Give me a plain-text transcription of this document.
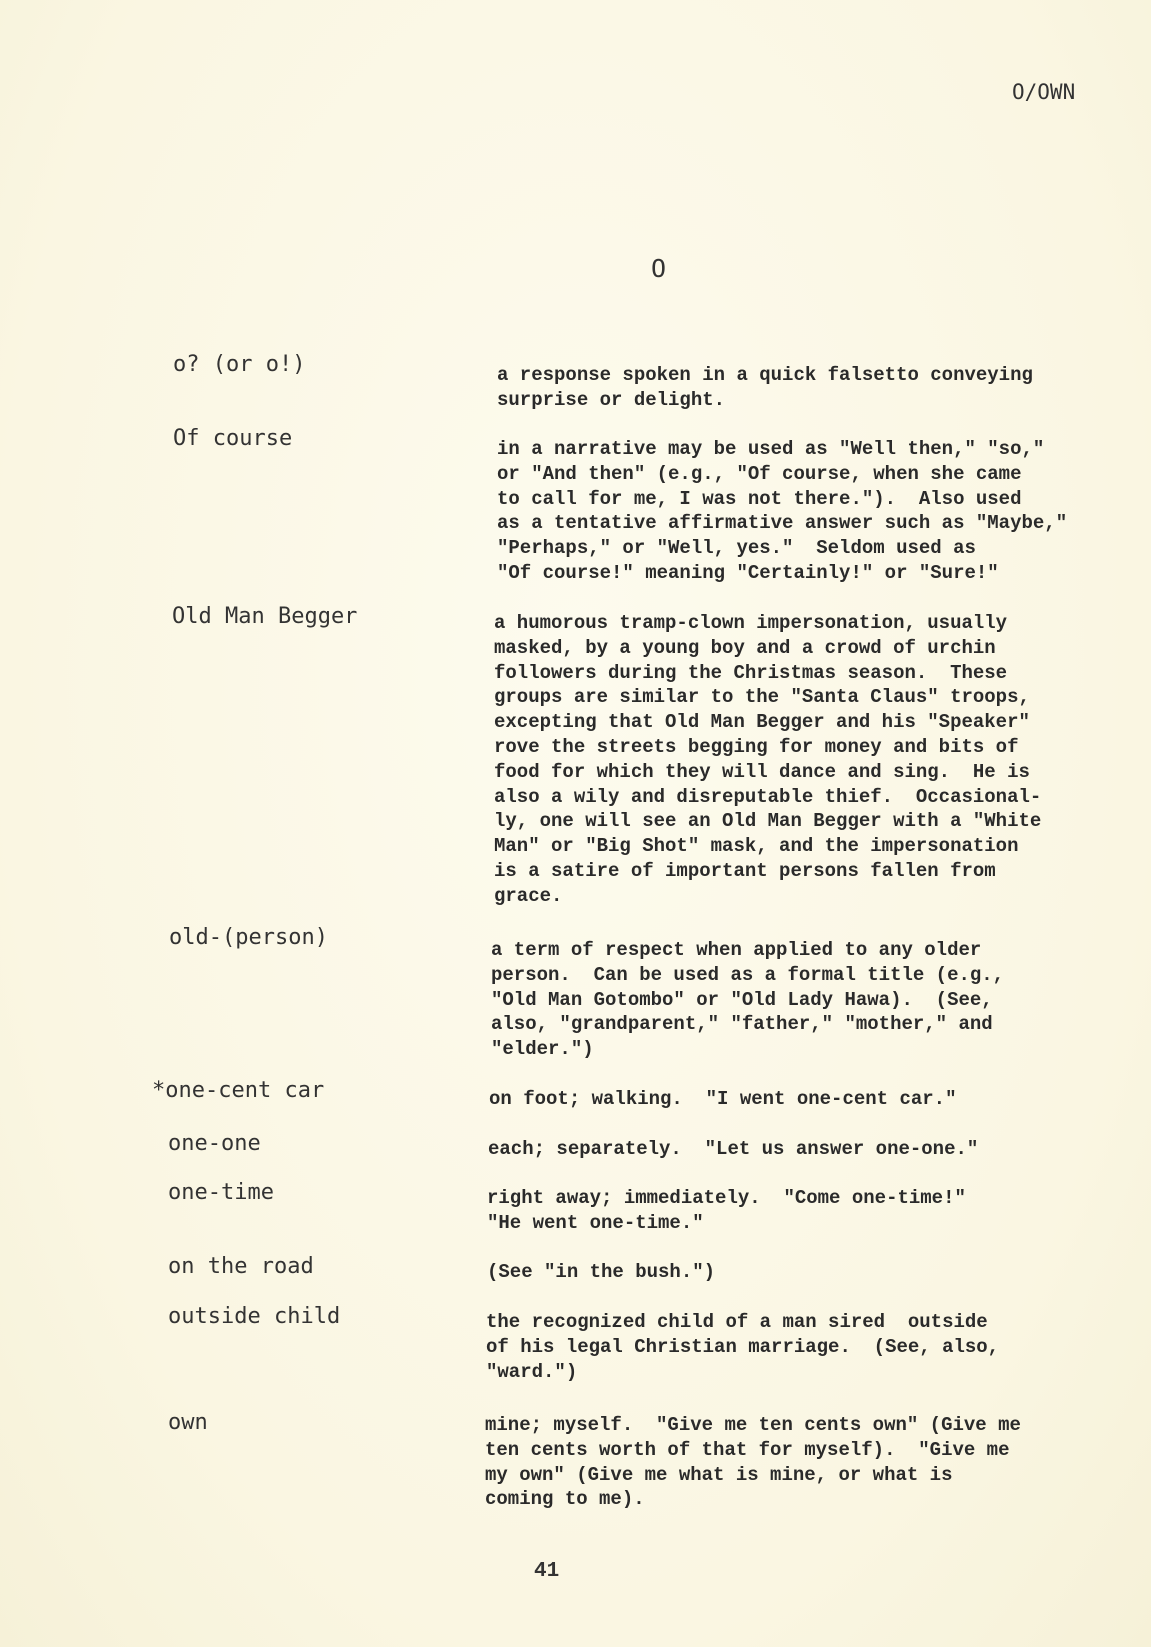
O/OWN
O
o? (or o!)	a response spoken in a quick falsetto conveying
surprise or delight.
Of course	in a narrative may be used as "Well then," "so,"
or "And then" (e.g., "Of course, when she came
to call for me, I was not there.").  Also used
as a tentative affirmative answer such as "Maybe,"
"Perhaps," or "Well, yes."  Seldom used as
"Of course!" meaning "Certainly!" or "Sure!"
Old Man Begger	a humorous tramp-clown impersonation, usually
masked, by a young boy and a crowd of urchin
followers during the Christmas season.  These
groups are similar to the "Santa Claus" troops,
excepting that Old Man Begger and his "Speaker"
rove the streets begging for money and bits of
food for which they will dance and sing.  He is
also a wily and disreputable thief.  Occasional-
ly, one will see an Old Man Begger with a "White
Man" or "Big Shot" mask, and the impersonation
is a satire of important persons fallen from
grace.
old-(person)	a term of respect when applied to any older
person.  Can be used as a formal title (e.g.,
"Old Man Gotombo" or "Old Lady Hawa).  (See,
also, "grandparent," "father," "mother," and
"elder.")
*one-cent car	on foot; walking.  "I went one-cent car."
one-one	each; separately.  "Let us answer one-one."
one-time	right away; immediately.  "Come one-time!"
"He went one-time."
on the road	(See "in the bush.")
outside child	the recognized child of a man sired  outside
of his legal Christian marriage.  (See, also,
"ward.")
own	mine; myself.  "Give me ten cents own" (Give me
ten cents worth of that for myself).  "Give me
my own" (Give me what is mine, or what is
coming to me).
41
